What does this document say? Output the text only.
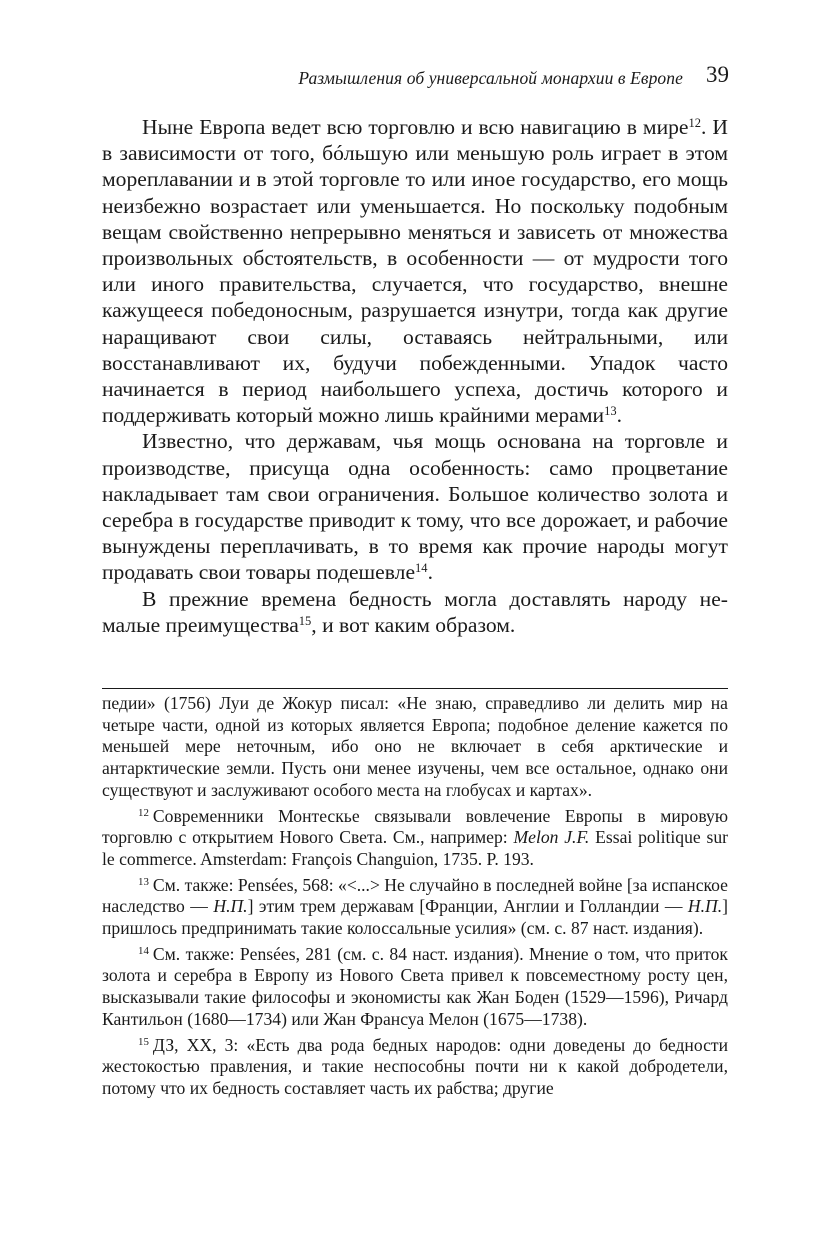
Размышления об универсальной монархии в Европе 39

Ныне Европа ведет всю торговлю и всю навигацию в мире$^{12}$. И в зависимости от того, бóльшую или меньшую роль играет в этом мореплавании и в этой торговле то или иное государство, его мощь неизбежно возрастает или уменьшается. Но поскольку подобным вещам свойственно непрерывно меняться и зависеть от множества произвольных обстоятельств, в особенности — от мудрости того или иного правительства, случается, что государство, внешне кажущееся победоносным, разрушается изнутри, тогда как другие наращивают свои силы, оставаясь нейтральными, или восстанавливают их, будучи побежденными. Упадок часто начинается в период наибольшего успеха, достичь которого и поддерживать который можно лишь крайними мерами$^{13}$.

Известно, что державам, чья мощь основана на торговле и производстве, присуща одна особенность: само процветание накладывает там свои ограничения. Большое количество золота и серебра в государстве приводит к тому, что все дорожает, и рабочие вынуждены переплачивать, в то время как прочие народы могут продавать свои товары подешевле$^{14}$.

В прежние времена бедность могла доставлять народу немалые преимущества$^{15}$, и вот каким образом.

педии» (1756) Луи де Жокур писал: «Не знаю, справедливо ли делить мир на четыре части, одной из которых является Европа; подобное деление кажется по меньшей мере неточным, ибо оно не включает в себя арктические и антарктические земли. Пусть они менее изучены, чем все остальное, однако они существуют и заслуживают особого места на глобусах и картах».

$^{12}$ Современники Монтескье связывали вовлечение Европы в мировую торговлю с открытием Нового Света. См., например: Melon J.F. Essai politique sur le commerce. Amsterdam: François Changuion, 1735. P. 193.

$^{13}$ См. также: Pensées, 568: «<...> Не случайно в последней войне [за испанское наследство — Н.П.] этим трем державам [Франции, Англии и Голландии — Н.П.] пришлось предпринимать такие колоссальные усилия» (см. с. 87 наст. издания).

$^{14}$ См. также: Pensées, 281 (см. с. 84 наст. издания). Мнение о том, что приток золота и серебра в Европу из Нового Света привел к повсеместному росту цен, высказывали такие философы и экономисты как Жан Боден (1529—1596), Ричард Кантильон (1680—1734) или Жан Франсуа Мелон (1675—1738).

$^{15}$ ДЗ, XX, 3: «Есть два рода бедных народов: одни доведены до бедности жестокостью правления, и такие неспособны почти ни к какой добродетели, потому что их бедность составляет часть их рабства; другие
